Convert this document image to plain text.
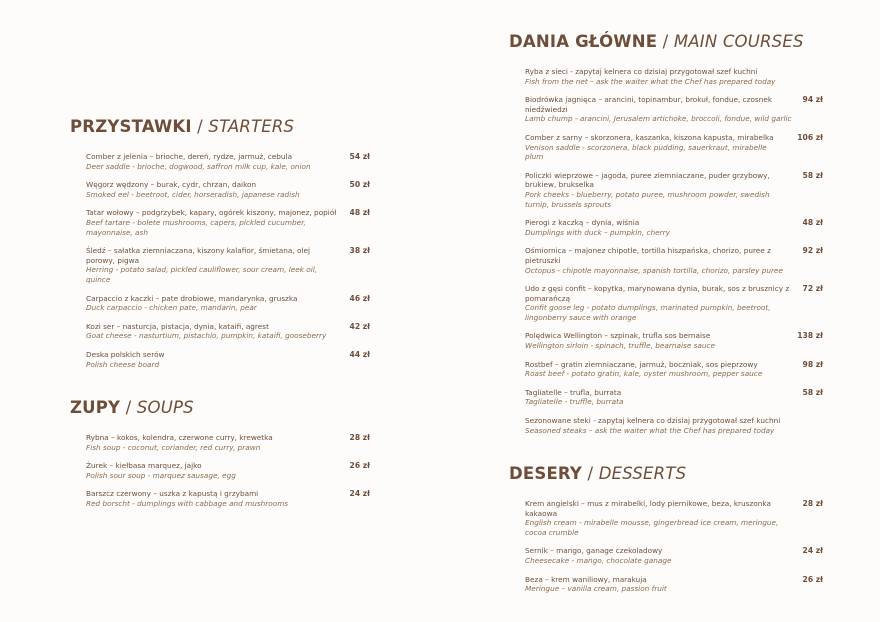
PRZYSTAWKI / STARTERS
Comber z jelenia – brioche, dereń, rydze, jarmuż, cebula
Deer saddle - brioche, dogwood, saffron milk cup, kale, onion
54 zł
Węgorz wędzony – burak, cydr, chrzan, daikon
Smoked eel - beetroot, cider, horseradish, japanese radish
50 zł
Tatar wołowy – podgrzybek, kapary, ogórek kiszony, majonez, popiół
Beef tartare - bolete mushrooms, capers, pickled cucumber, mayonnaise, ash
48 zł
Śledź – sałatka ziemniaczana, kiszony kalafior, śmietana, olej porowy, pigwa
Herring - potato salad, pickled cauliflower, sour cream, leek oil, quince
38 zł
Carpaccio z kaczki – pate drobiowe, mandarynka, gruszka
Duck carpaccio - chicken pate, mandarin, pear
46 zł
Kozi ser – nasturcja, pistacja, dynia, kataifi, agrest
Goat cheese - nasturtium, pistachio, pumpkin, kataifi, gooseberry
42 zł
Deska polskich serów
Polish cheese board
44 zł
ZUPY / SOUPS
Rybna – kokos, kolendra, czerwone curry, krewetka
Fish soup - coconut, coriander, red curry, prawn
28 zł
Żurek – kiełbasa marquez, jajko
Polish sour soup - marquez sausage, egg
26 zł
Barszcz czerwony – uszka z kapustą i grzybami
Red borscht - dumplings with cabbage and mushrooms
24 zł
DANIA GŁÓWNE / MAIN COURSES
Ryba z sieci - zapytaj kelnera co dzisiaj przygotował szef kuchni
Fish from the net – ask the waiter what the Chef has prepared today
Biodrówka jagnięca – arancini, topinambur, brokuł, fondue, czosnek niedźwiedzi
Lamb chump - arancini, Jerusalem artichoke, broccoli, fondue, wild garlic
94 zł
Comber z sarny – skorzonera, kaszanka, kiszona kapusta, mirabelka
Venison saddle - scorzonera, black pudding, sauerkraut, mirabelle plum
106 zł
Policzki wieprzowe – jagoda, puree ziemniaczane, puder grzybowy, brukiew, brukselka
Pork cheeks - blueberry, potato puree, mushroom powder, swedish turnip, brussels sprouts
58 zł
Pierogi z kaczką – dynia, wiśnia
Dumplings with duck – pumpkin, cherry
48 zł
Ośmiornica – majonez chipotle, tortilla hiszpańska, chorizo, puree z pietruszki
Octopus - chipotle mayonnaise, spanish tortilla, chorizo, parsley puree
92 zł
Udo z gęsi confit – kopytka, marynowana dynia, burak, sos z brusznicy z pomarańczą
Confit goose leg - potato dumplings, marinated pumpkin, beetroot, lingonberry sauce with orange
72 zł
Polędwica Wellington – szpinak, trufla sos bernaise
Wellington sirloin - spinach, truffle, bearnaise sauce
138 zł
Rostbef – gratin ziemniaczane, jarmuż, boczniak, sos pieprzowy
Roast beef - potato gratin, kale, oyster mushroom, pepper sauce
98 zł
Tagliatelle – trufla, burrata
Tagliatelle - truffle, burrata
58 zł
Sezonowane steki - zapytaj kelnera co dzisiaj przygotował szef kuchni
Seasoned steaks – ask the waiter what the Chef has prepared today
DESERY / DESSERTS
Krem angielski – mus z mirabelki, lody piernikowe, beza, kruszonka kakaowa
English cream - mirabelle mousse, gingerbread ice cream, meringue, cocoa crumble
28 zł
Sernik – mango, ganage czekoladowy
Cheesecake - mango, chocolate ganage
24 zł
Beza – krem waniliowy, marakuja
Meringue – vanilla cream, passion fruit
26 zł
